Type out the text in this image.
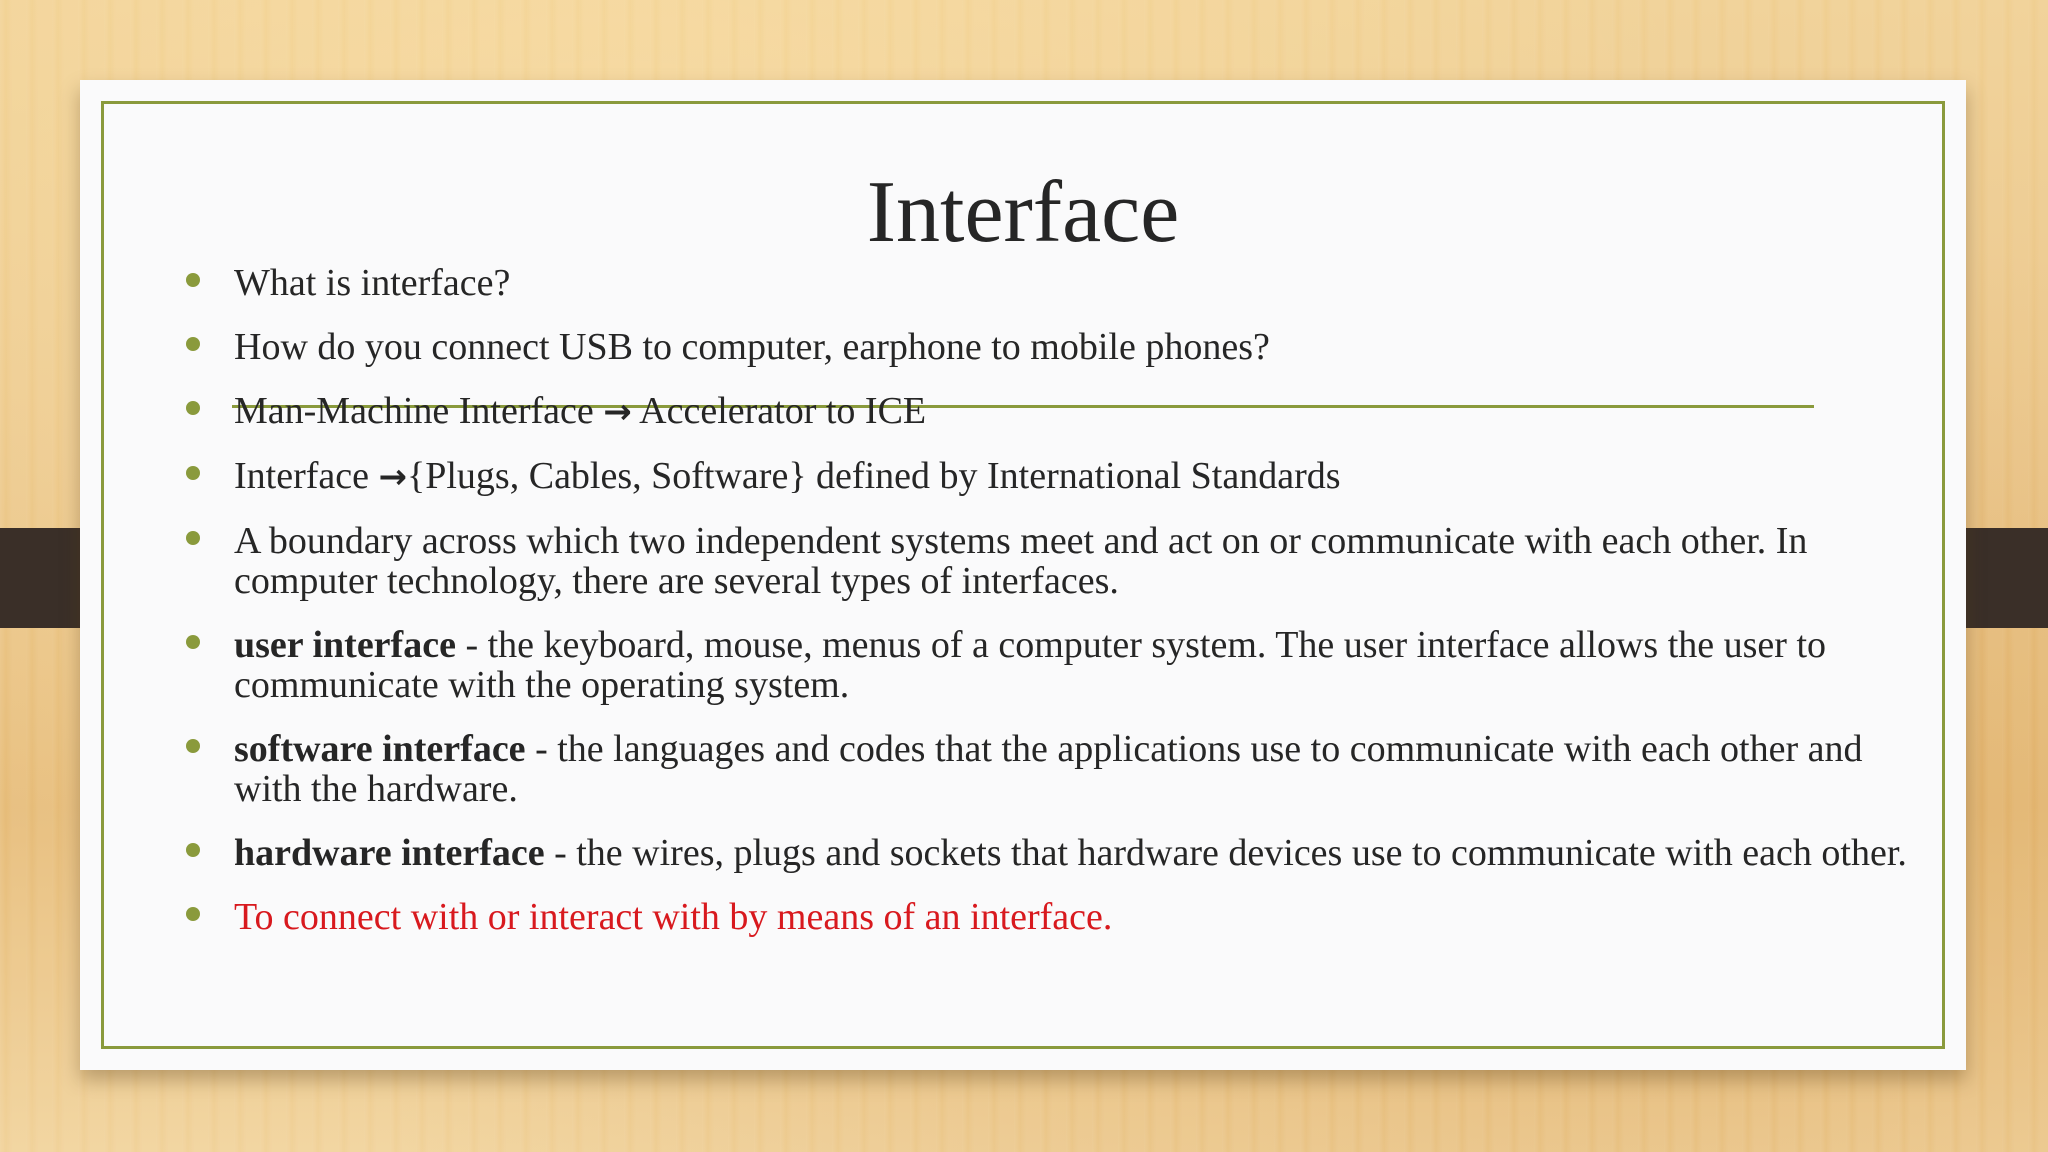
Interface
What is interface?
How do you connect USB to computer, earphone to mobile phones?
Man-Machine Interface → Accelerator to ICE
Interface →{Plugs, Cables, Software} defined by International Standards
A boundary across which two independent systems meet and act on or communicate with each other. In computer technology, there are several types of interfaces.
user interface - the keyboard, mouse, menus of a computer system. The user interface allows the user to communicate with the operating system.
software interface - the languages and codes that the applications use to communicate with each other and with the hardware.
hardware interface - the wires, plugs and sockets that hardware devices use to communicate with each other.
To connect with or interact with by means of an interface.
